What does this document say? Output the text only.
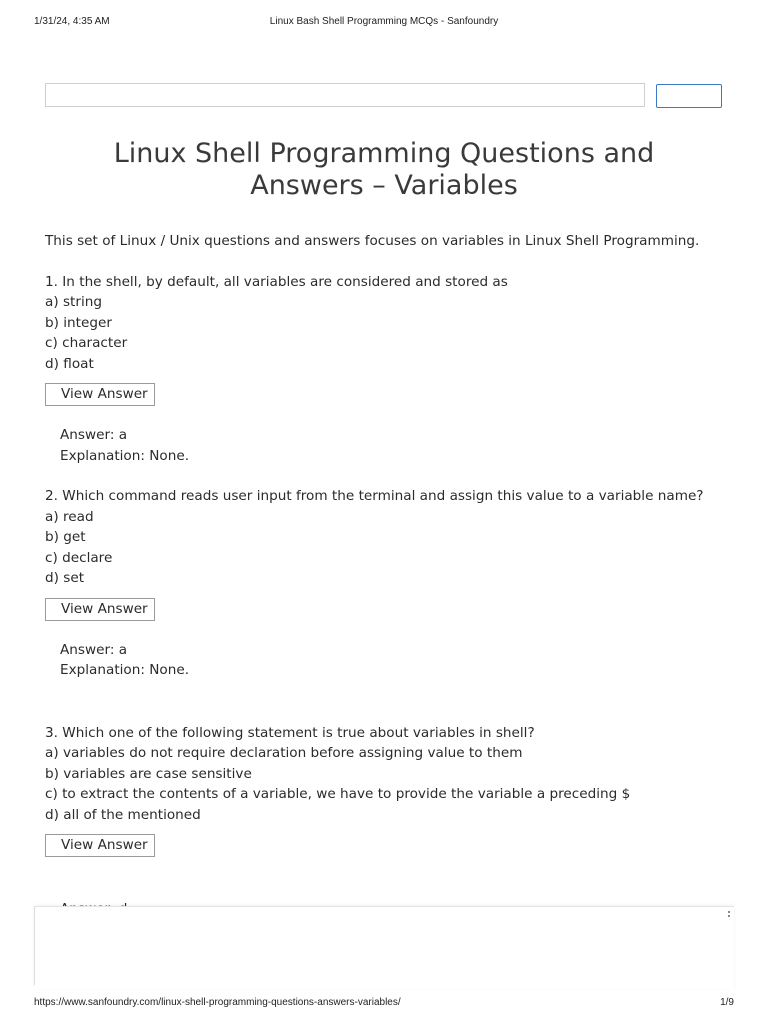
1/31/24, 4:35 AM	Linux Bash Shell Programming MCQs - Sanfoundry
Linux Shell Programming Questions and Answers – Variables

This set of Linux / Unix questions and answers focuses on variables in Linux Shell Programming.

1. In the shell, by default, all variables are considered and stored as
a) string
b) integer
c) character
d) float
View Answer
Answer: a
Explanation: None.
2. Which command reads user input from the terminal and assign this value to a variable name?
a) read
b) get
c) declare
d) set
View Answer
Answer: a
Explanation: None.
3. Which one of the following statement is true about variables in shell?
a) variables do not require declaration before assigning value to them
b) variables are case sensitive
c) to extract the contents of a variable, we have to provide the variable a preceding $
d) all of the mentioned
View Answer
https://www.sanfoundry.com/linux-shell-programming-questions-answers-variables/	1/9
